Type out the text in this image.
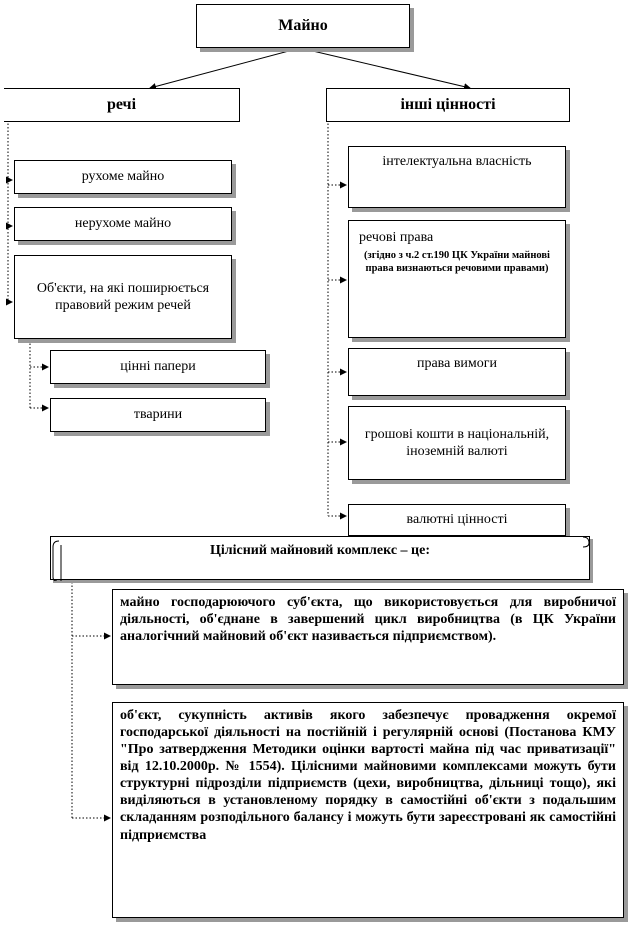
Майно
речі	інші цінності
рухоме майно
нерухоме майно
Об'єкти, на які поширюється правовий режим речей
цінні папери
тварини
інтелектуальна власність
речові права
(згідно з ч.2 ст.190 ЦК України майнові права визнаються речовими правами)
права вимоги
грошові кошти в національній, іноземній валюті
валютні цінності
Цілісний майновий комплекс – це:
майно господарюючого суб'єкта, що використовується для виробничої діяльності, об'єднане в завершений цикл виробництва (в ЦК України аналогічний майновий об'єкт називається підприємством).
об'єкт, сукупність активів якого забезпечує провадження окремої господарської діяльності на постійній і регулярній основі (Постанова КМУ "Про затвердження Методики оцінки вартості майна під час приватизації" від 12.10.2000р. № 1554). Цілісними майновими комплексами можуть бути структурні підрозділи підприємств (цехи, виробництва, дільниці тощо), які виділяються в установленому порядку в самостійні об'єкти з подальшим складанням розподільного балансу і можуть бути зареєстровані як самостійні підприємства
